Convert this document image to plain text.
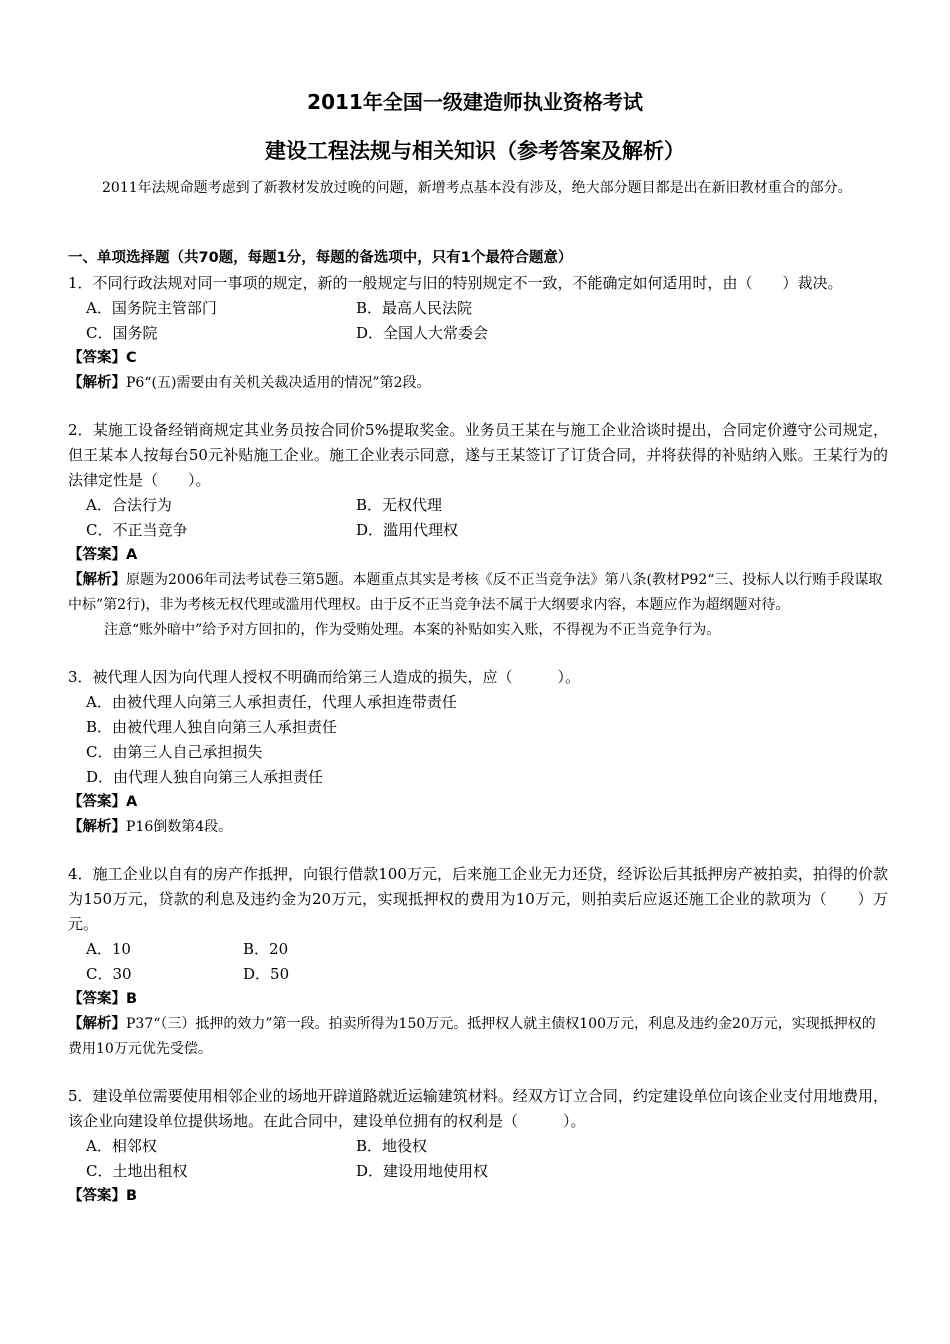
2011年全国一级建造师执业资格考试
建设工程法规与相关知识（参考答案及解析）
2011年法规命题考虑到了新教材发放过晚的问题，新增考点基本没有涉及，绝大部分题目都是出在新旧教材重合的部分。
一、单项选择题（共70题，每题1分，每题的备选项中，只有1个最符合题意）
1．不同行政法规对同一事项的规定，新的一般规定与旧的特别规定不一致，不能确定如何适用时，由（　　）裁决。
A．国务院主管部门	B．最高人民法院
C．国务院	D．全国人大常委会
【答案】C
【解析】P6“(五)需要由有关机关裁决适用的情况”第2段。
2．某施工设备经销商规定其业务员按合同价5%提取奖金。业务员王某在与施工企业洽谈时提出，合同定价遵守公司规定，但王某本人按每台50元补贴施工企业。施工企业表示同意，遂与王某签订了订货合同，并将获得的补贴纳入账。王某行为的法律定性是（　　）。
A．合法行为	B．无权代理
C．不正当竞争	D．滥用代理权
【答案】A
【解析】原题为2006年司法考试卷三第5题。本题重点其实是考核《反不正当竞争法》第八条(教材P92“三、投标人以行贿手段谋取中标”第2行)，非为考核无权代理或滥用代理权。由于反不正当竞争法不属于大纲要求内容，本题应作为超纲题对待。
注意“账外暗中”给予对方回扣的，作为受贿处理。本案的补贴如实入账，不得视为不正当竞争行为。
3．被代理人因为向代理人授权不明确而给第三人造成的损失，应（　　　）。
A．由被代理人向第三人承担责任，代理人承担连带责任
B．由被代理人独自向第三人承担责任
C．由第三人自己承担损失
D．由代理人独自向第三人承担责任
【答案】A
【解析】P16倒数第4段。
4．施工企业以自有的房产作抵押，向银行借款100万元，后来施工企业无力还贷，经诉讼后其抵押房产被拍卖，拍得的价款为150万元，贷款的利息及违约金为20万元，实现抵押权的费用为10万元，则拍卖后应返还施工企业的款项为（　　）万元。
A．10	B．20
C．30	D．50
【答案】B
【解析】P37“（三）抵押的效力”第一段。拍卖所得为150万元。抵押权人就主债权100万元，利息及违约金20万元，实现抵押权的费用10万元优先受偿。
5．建设单位需要使用相邻企业的场地开辟道路就近运输建筑材料。经双方订立合同，约定建设单位向该企业支付用地费用，该企业向建设单位提供场地。在此合同中，建设单位拥有的权利是（　　　）。
A．相邻权	B．地役权
C．土地出租权	D．建设用地使用权
【答案】B
